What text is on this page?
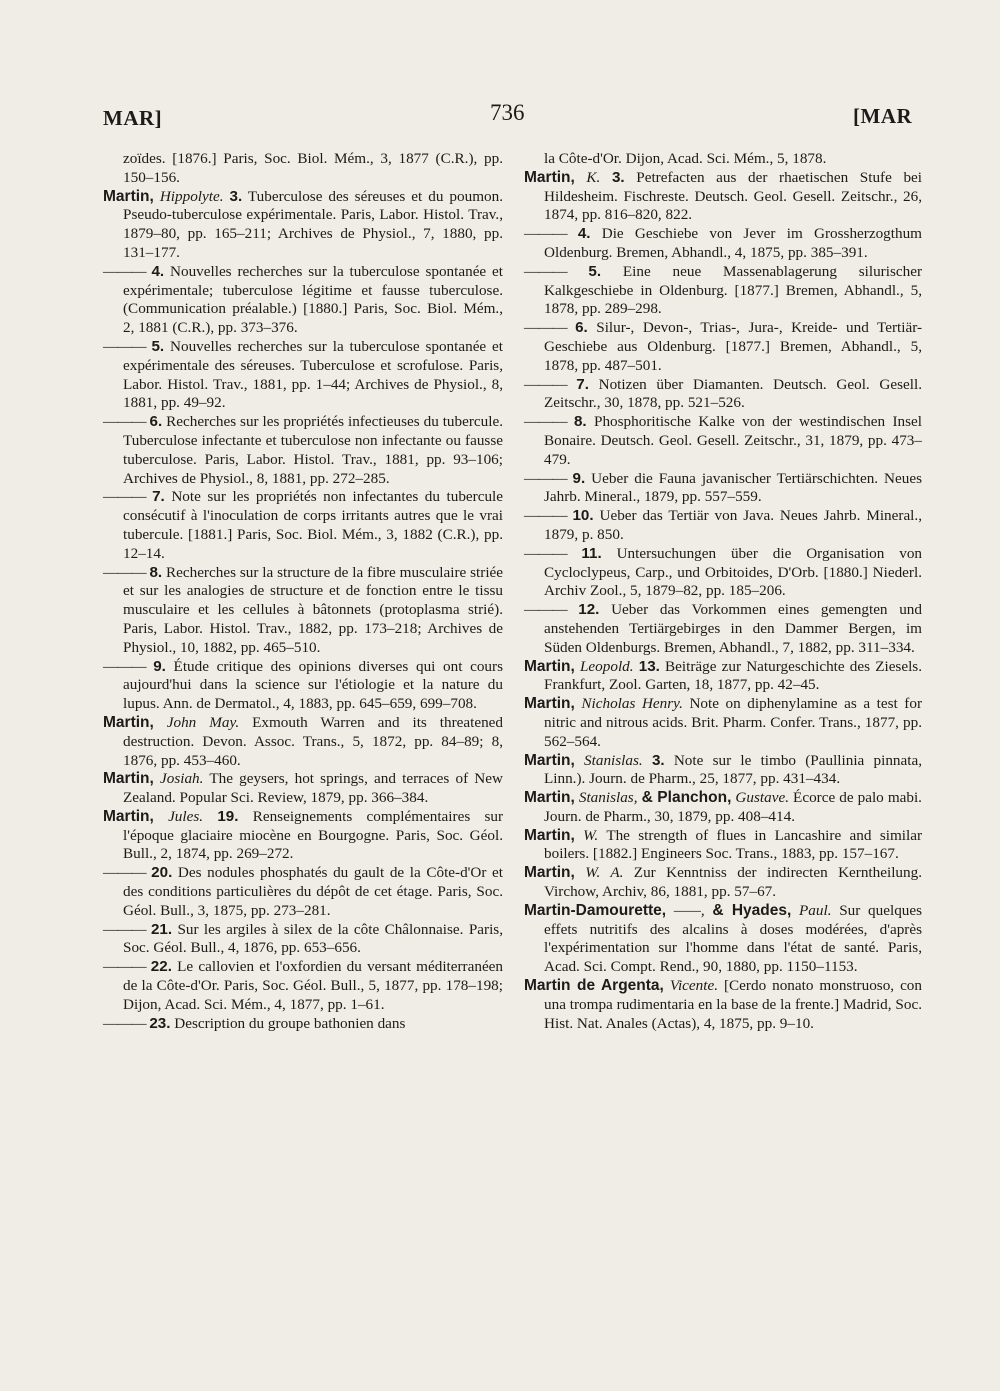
MAR]	736	[MAR

zoïdes. [1876.] Paris, Soc. Biol. Mém., 3, 1877 (C.R.), pp. 150–156.

Martin, Hippolyte. 3. Tuberculose des séreuses et du poumon. Pseudo-tuberculose expérimentale. Paris, Labor. Histol. Trav., 1879–80, pp. 165–211; Archives de Physiol., 7, 1880, pp. 131–177.

——— 4. Nouvelles recherches sur la tuberculose spontanée et expérimentale; tuberculose légitime et fausse tuberculose. (Communication préalable.) [1880.] Paris, Soc. Biol. Mém., 2, 1881 (C.R.), pp. 373–376.

——— 5. Nouvelles recherches sur la tuberculose spontanée et expérimentale des séreuses. Tuberculose et scrofulose. Paris, Labor. Histol. Trav., 1881, pp. 1–44; Archives de Physiol., 8, 1881, pp. 49–92.

——— 6. Recherches sur les propriétés infectieuses du tubercule. Tuberculose infectante et tuberculose non infectante ou fausse tuberculose. Paris, Labor. Histol. Trav., 1881, pp. 93–106; Archives de Physiol., 8, 1881, pp. 272–285.

——— 7. Note sur les propriétés non infectantes du tubercule consécutif à l'inoculation de corps irritants autres que le vrai tubercule. [1881.] Paris, Soc. Biol. Mém., 3, 1882 (C.R.), pp. 12–14.

——— 8. Recherches sur la structure de la fibre musculaire striée et sur les analogies de structure et de fonction entre le tissu musculaire et les cellules à bâtonnets (protoplasma strié). Paris, Labor. Histol. Trav., 1882, pp. 173–218; Archives de Physiol., 10, 1882, pp. 465–510.

——— 9. Étude critique des opinions diverses qui ont cours aujourd'hui dans la science sur l'étiologie et la nature du lupus. Ann. de Dermatol., 4, 1883, pp. 645–659, 699–708.

Martin, John May. Exmouth Warren and its threatened destruction. Devon. Assoc. Trans., 5, 1872, pp. 84–89; 8, 1876, pp. 453–460.

Martin, Josiah. The geysers, hot springs, and terraces of New Zealand. Popular Sci. Review, 1879, pp. 366–384.

Martin, Jules. 19. Renseignements complémentaires sur l'époque glaciaire miocène en Bourgogne. Paris, Soc. Géol. Bull., 2, 1874, pp. 269–272.

——— 20. Des nodules phosphatés du gault de la Côte-d'Or et des conditions particulières du dépôt de cet étage. Paris, Soc. Géol. Bull., 3, 1875, pp. 273–281.

——— 21. Sur les argiles à silex de la côte Châlonnaise. Paris, Soc. Géol. Bull., 4, 1876, pp. 653–656.

——— 22. Le callovien et l'oxfordien du versant méditerranéen de la Côte-d'Or. Paris, Soc. Géol. Bull., 5, 1877, pp. 178–198; Dijon, Acad. Sci. Mém., 4, 1877, pp. 1–61.

——— 23. Description du groupe bathonien dans

la Côte-d'Or. Dijon, Acad. Sci. Mém., 5, 1878.

Martin, K. 3. Petrefacten aus der rhaetischen Stufe bei Hildesheim. Fischreste. Deutsch. Geol. Gesell. Zeitschr., 26, 1874, pp. 816–820, 822.

——— 4. Die Geschiebe von Jever im Grossherzogthum Oldenburg. Bremen, Abhandl., 4, 1875, pp. 385–391.

——— 5. Eine neue Massenablagerung silurischer Kalkgeschiebe in Oldenburg. [1877.] Bremen, Abhandl., 5, 1878, pp. 289–298.

——— 6. Silur-, Devon-, Trias-, Jura-, Kreide- und Tertiär-Geschiebe aus Oldenburg. [1877.] Bremen, Abhandl., 5, 1878, pp. 487–501.

——— 7. Notizen über Diamanten. Deutsch. Geol. Gesell. Zeitschr., 30, 1878, pp. 521–526.

——— 8. Phosphoritische Kalke von der westindischen Insel Bonaire. Deutsch. Geol. Gesell. Zeitschr., 31, 1879, pp. 473–479.

——— 9. Ueber die Fauna javanischer Tertiärschichten. Neues Jahrb. Mineral., 1879, pp. 557–559.

——— 10. Ueber das Tertiär von Java. Neues Jahrb. Mineral., 1879, p. 850.

——— 11. Untersuchungen über die Organisation von Cycloclypeus, Carp., und Orbitoides, D'Orb. [1880.] Niederl. Archiv Zool., 5, 1879–82, pp. 185–206.

——— 12. Ueber das Vorkommen eines gemengten und anstehenden Tertiärgebirges in den Dammer Bergen, im Süden Oldenburgs. Bremen, Abhandl., 7, 1882, pp. 311–334.

Martin, Leopold. 13. Beiträge zur Naturgeschichte des Ziesels. Frankfurt, Zool. Garten, 18, 1877, pp. 42–45.

Martin, Nicholas Henry. Note on diphenylamine as a test for nitric and nitrous acids. Brit. Pharm. Confer. Trans., 1877, pp. 562–564.

Martin, Stanislas. 3. Note sur le timbo (Paullinia pinnata, Linn.). Journ. de Pharm., 25, 1877, pp. 431–434.

Martin, Stanislas, & Planchon, Gustave. Écorce de palo mabi. Journ. de Pharm., 30, 1879, pp. 408–414.

Martin, W. The strength of flues in Lancashire and similar boilers. [1882.] Engineers Soc. Trans., 1883, pp. 157–167.

Martin, W. A. Zur Kenntniss der indirecten Kerntheilung. Virchow, Archiv, 86, 1881, pp. 57–67.

Martin-Damourette, ——, & Hyades, Paul. Sur quelques effets nutritifs des alcalins à doses modérées, d'après l'expérimentation sur l'homme dans l'état de santé. Paris, Acad. Sci. Compt. Rend., 90, 1880, pp. 1150–1153.

Martin de Argenta, Vicente. [Cerdo nonato monstruoso, con una trompa rudimentaria en la base de la frente.] Madrid, Soc. Hist. Nat. Anales (Actas), 4, 1875, pp. 9–10.
